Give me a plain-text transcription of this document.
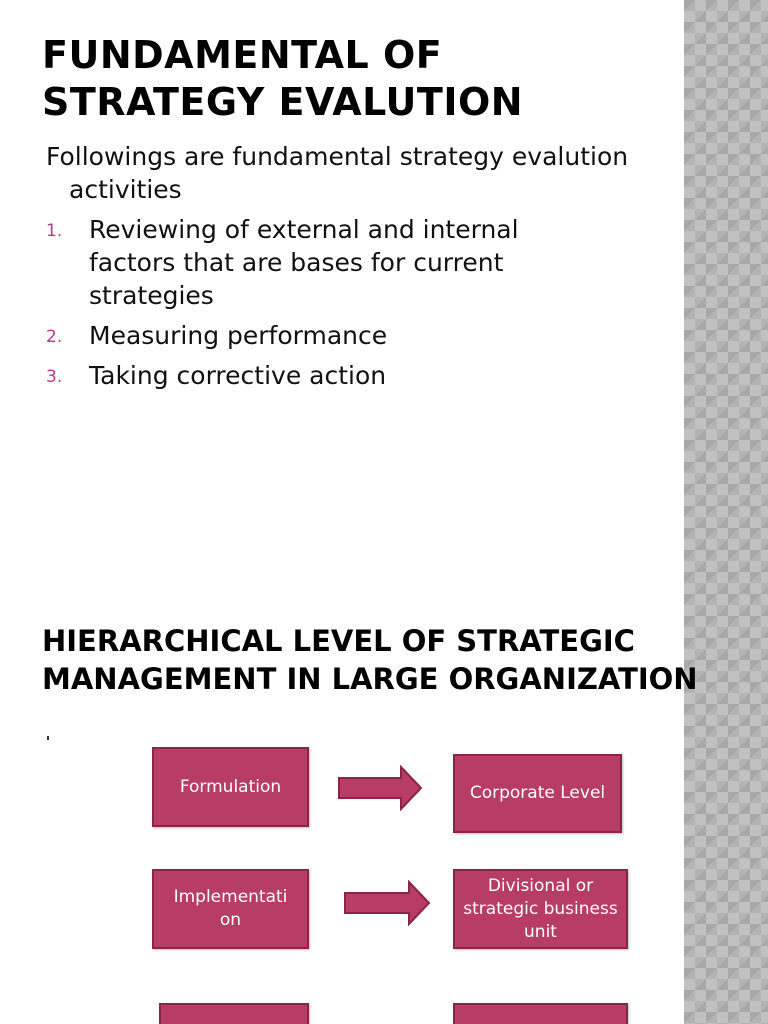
FUNDAMENTAL OF STRATEGY EVALUTION

Followings are fundamental strategy evalution activities

1. Reviewing of external and internal factors that are bases for current strategies
2. Measuring performance
3. Taking corrective action
HIERARCHICAL LEVEL OF STRATEGIC MANAGEMENT IN LARGE ORGANIZATION
Formulation	Corporate Level
Implementati on
Divisional or strategic business unit
